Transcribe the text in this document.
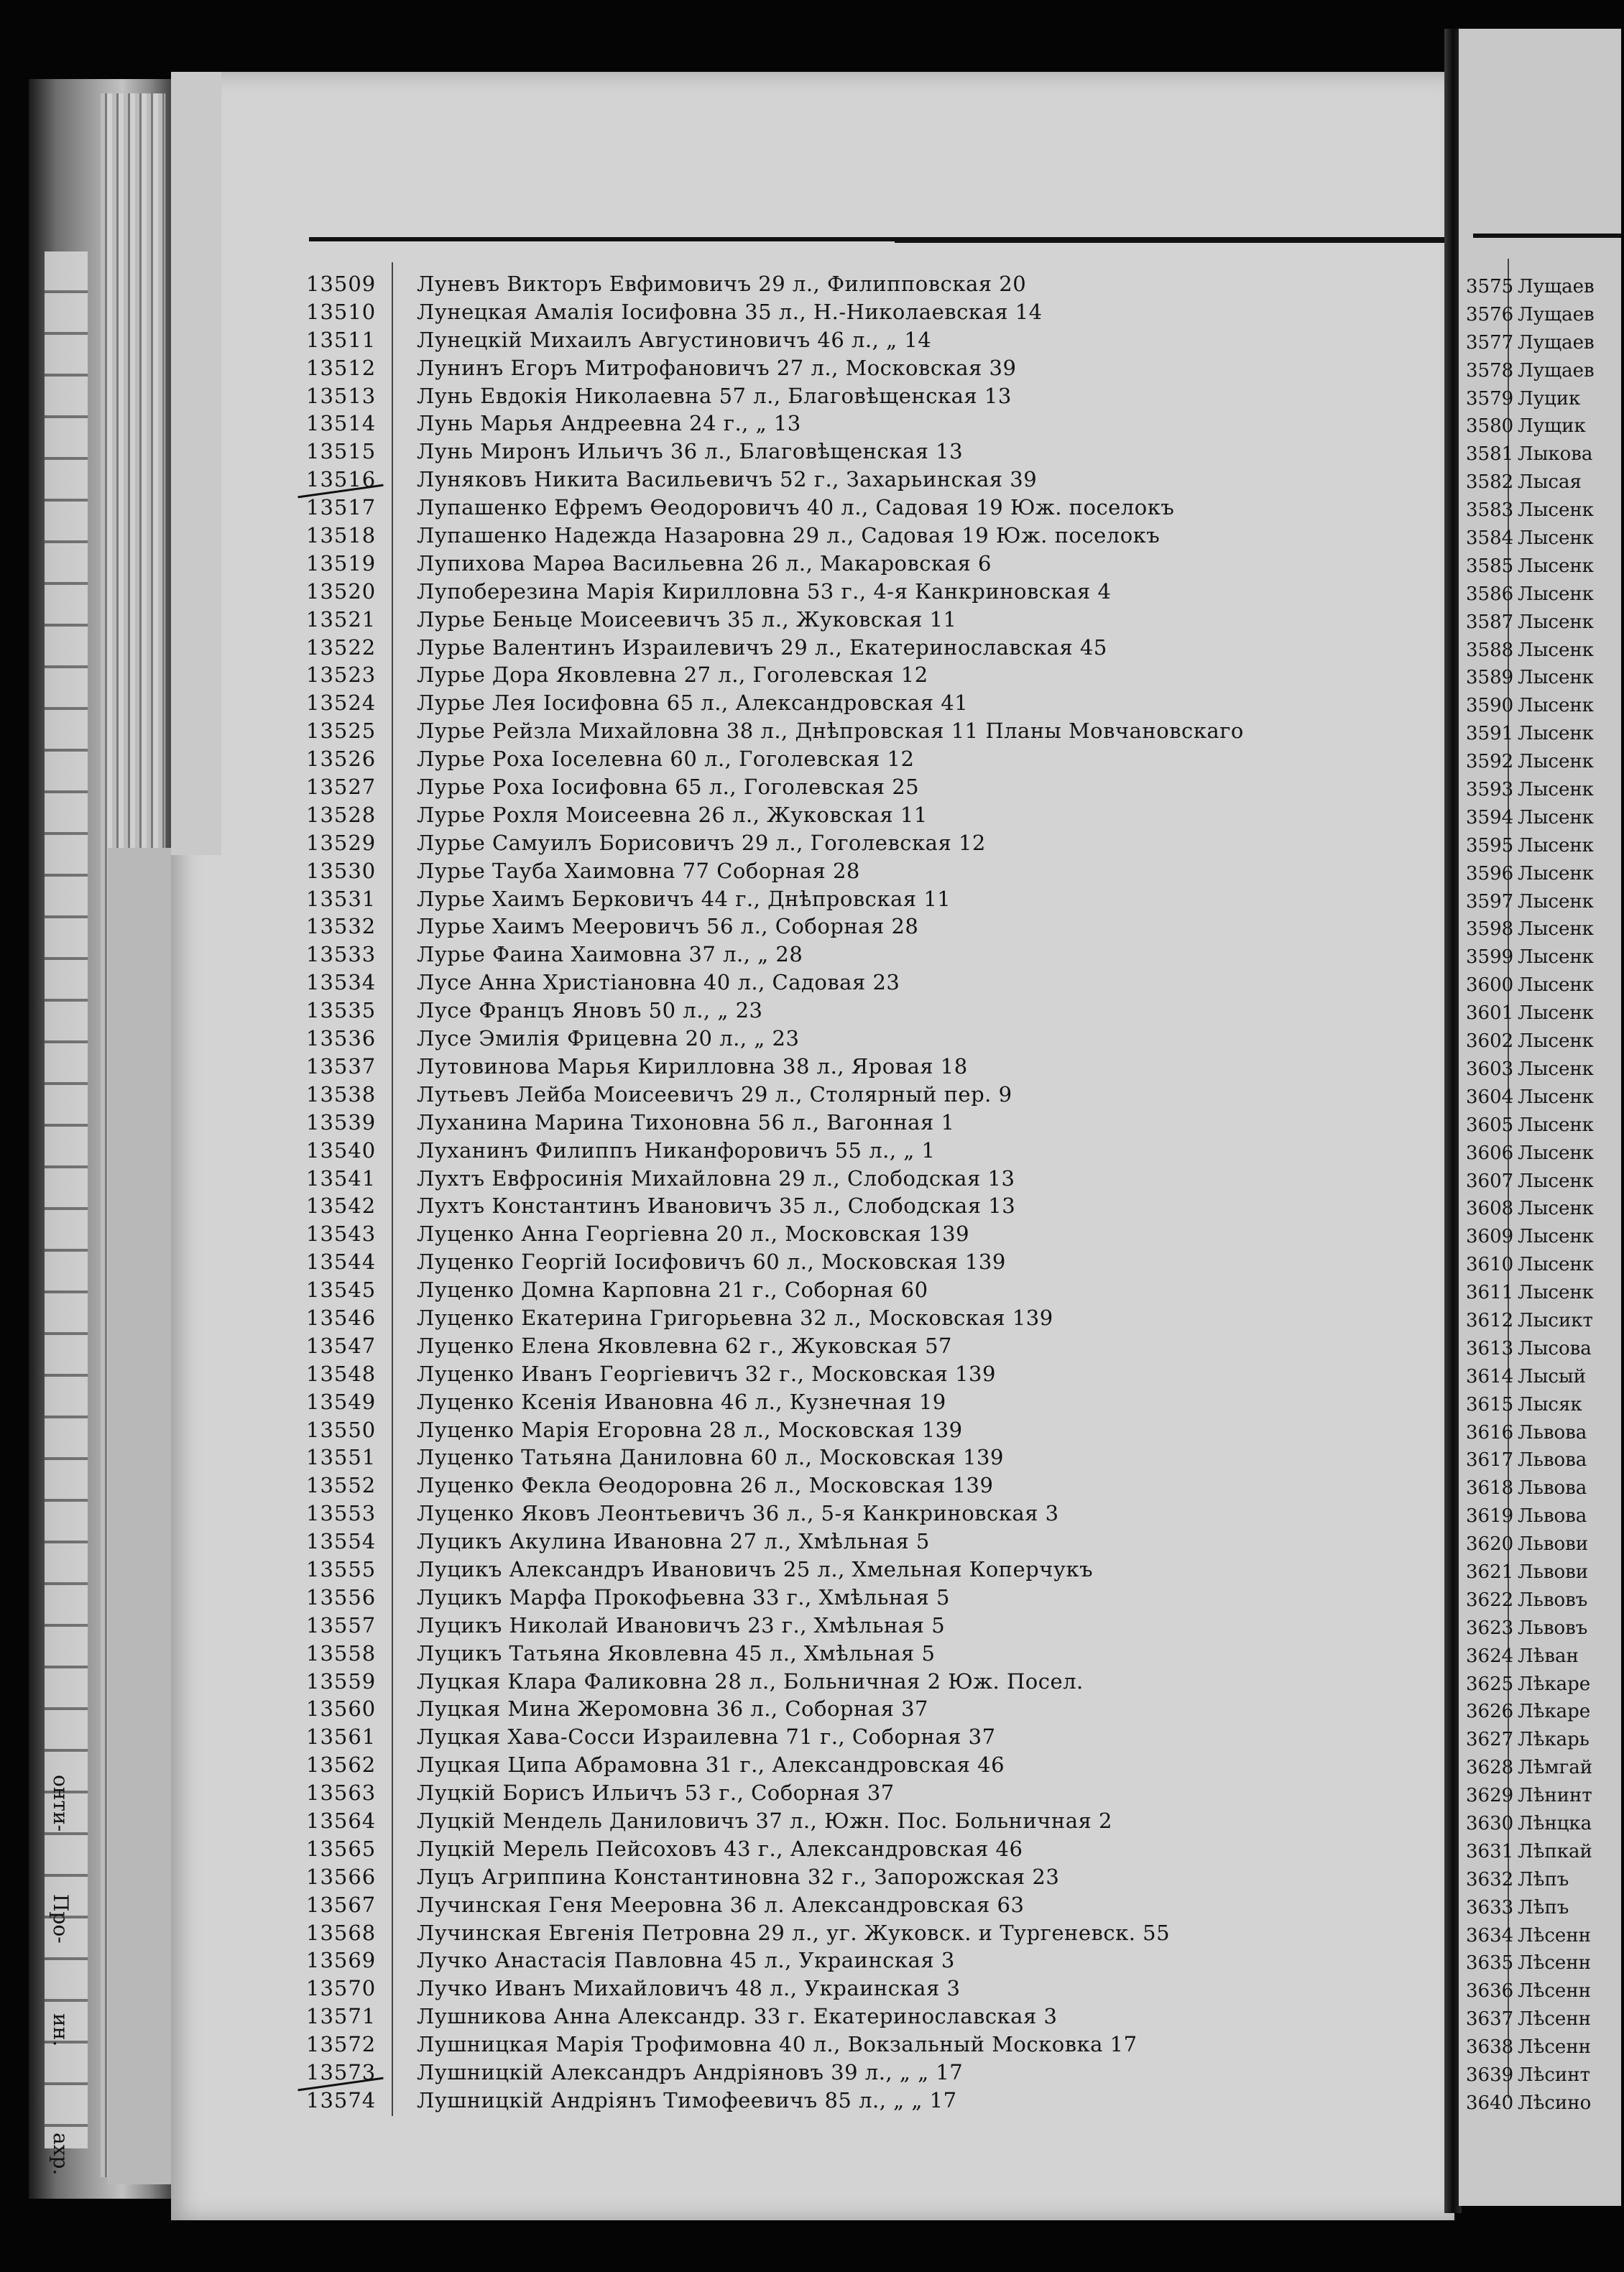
онти-
Про-
ин.
ахр.
13509	Луневъ Викторъ Евфимовичъ 29 л., Филипповская 20
13510	Лунецкая Амалія Іосифовна 35 л., Н.-Николаевская 14
13511	Лунецкій Михаилъ Августиновичъ 46 л., „ 14
13512	Лунинъ Егоръ Митрофановичъ 27 л., Московская 39
13513	Лунь Евдокія Николаевна 57 л., Благовѣщенская 13
13514	Лунь Марья Андреевна 24 г., „ 13
13515	Лунь Миронъ Ильичъ 36 л., Благовѣщенская 13
13516	Луняковъ Никита Васильевичъ 52 г., Захарьинская 39
13517	Лупашенко Ефремъ Ѳеодоровичъ 40 л., Садовая 19 Юж. поселокъ
13518	Лупашенко Надежда Назаровна 29 л., Садовая 19 Юж. поселокъ
13519	Лупихова Марѳа Васильевна 26 л., Макаровская 6
13520	Лупоберезина Марія Кирилловна 53 г., 4-я Канкриновская 4
13521	Лурье Беньце Моисеевичъ 35 л., Жуковская 11
13522	Лурье Валентинъ Израилевичъ 29 л., Екатеринославская 45
13523	Лурье Дора Яковлевна 27 л., Гоголевская 12
13524	Лурье Лея Іосифовна 65 л., Александровская 41
13525	Лурье Рейзла Михайловна 38 л., Днѣпровская 11 Планы Мовчановскаго
13526	Лурье Роха Іоселевна 60 л., Гоголевская 12
13527	Лурье Роха Іосифовна 65 л., Гоголевская 25
13528	Лурье Рохля Моисеевна 26 л., Жуковская 11
13529	Лурье Самуилъ Борисовичъ 29 л., Гоголевская 12
13530	Лурье Тауба Хаимовна 77 Соборная 28
13531	Лурье Хаимъ Берковичъ 44 г., Днѣпровская 11
13532	Лурье Хаимъ Мееровичъ 56 л., Соборная 28
13533	Лурье Фаина Хаимовна 37 л., „ 28
13534	Лусе Анна Христіановна 40 л., Садовая 23
13535	Лусе Францъ Яновъ 50 л., „ 23
13536	Лусе Эмилія Фрицевна 20 л., „ 23
13537	Лутовинова Марья Кирилловна 38 л., Яровая 18
13538	Лутьевъ Лейба Моисеевичъ 29 л., Столярный пер. 9
13539	Луханина Марина Тихоновна 56 л., Вагонная 1
13540	Луханинъ Филиппъ Никанфоровичъ 55 л., „ 1
13541	Лухтъ Евфросинія Михайловна 29 л., Слободская 13
13542	Лухтъ Константинъ Ивановичъ 35 л., Слободская 13
13543	Луценко Анна Георгіевна 20 л., Московская 139
13544	Луценко Георгій Іосифовичъ 60 л., Московская 139
13545	Луценко Домна Карповна 21 г., Соборная 60
13546	Луценко Екатерина Григорьевна 32 л., Московская 139
13547	Луценко Елена Яковлевна 62 г., Жуковская 57
13548	Луценко Иванъ Георгіевичъ 32 г., Московская 139
13549	Луценко Ксенія Ивановна 46 л., Кузнечная 19
13550	Луценко Марія Егоровна 28 л., Московская 139
13551	Луценко Татьяна Даниловна 60 л., Московская 139
13552	Луценко Фекла Ѳеодоровна 26 л., Московская 139
13553	Луценко Яковъ Леонтьевичъ 36 л., 5-я Канкриновская 3
13554	Луцикъ Акулина Ивановна 27 л., Хмѣльная 5
13555	Луцикъ Александръ Ивановичъ 25 л., Хмельная Коперчукъ
13556	Луцикъ Марфа Прокофьевна 33 г., Хмѣльная 5
13557	Луцикъ Николай Ивановичъ 23 г., Хмѣльная 5
13558	Луцикъ Татьяна Яковлевна 45 л., Хмѣльная 5
13559	Луцкая Клара Фаликовна 28 л., Больничная 2 Юж. Посел.
13560	Луцкая Мина Жеромовна 36 л., Соборная 37
13561	Луцкая Хава-Сосси Израилевна 71 г., Соборная 37
13562	Луцкая Ципа Абрамовна 31 г., Александровская 46
13563	Луцкій Борисъ Ильичъ 53 г., Соборная 37
13564	Луцкій Мендель Даниловичъ 37 л., Южн. Пос. Больничная 2
13565	Луцкій Мерель Пейсоховъ 43 г., Александровская 46
13566	Луцъ Агриппина Константиновна 32 г., Запорожская 23
13567	Лучинская Геня Мееровна 36 л. Александровская 63
13568	Лучинская Евгенія Петровна 29 л., уг. Жуковск. и Тургеневск. 55
13569	Лучко Анастасія Павловна 45 л., Украинская 3
13570	Лучко Иванъ Михайловичъ 48 л., Украинская 3
13571	Лушникова Анна Александр. 33 г. Екатеринославская 3
13572	Лушницкая Марія Трофимовна 40 л., Вокзальный Московка 17
13573	Лушницкій Александръ Андріяновъ 39 л., „ „ 17
13574	Лушницкій Андріянъ Тимофеевичъ 85 л., „ „ 17
3575 Лущаев
3576 Лущаев
3577 Лущаев
3578 Лущаев
3579 Луцик
3580 Лущик
3581 Лыкова
3582 Лысая
3583 Лысенк
3584 Лысенк
3585 Лысенк
3586 Лысенк
3587 Лысенк
3588 Лысенк
3589 Лысенк
3590 Лысенк
3591 Лысенк
3592 Лысенк
3593 Лысенк
3594 Лысенк
3595 Лысенк
3596 Лысенк
3597 Лысенк
3598 Лысенк
3599 Лысенк
3600 Лысенк
3601 Лысенк
3602 Лысенк
3603 Лысенк
3604 Лысенк
3605 Лысенк
3606 Лысенк
3607 Лысенк
3608 Лысенк
3609 Лысенк
3610 Лысенк
3611 Лысенк
3612 Лысикт
3613 Лысова
3614 Лысый
3615 Лысяк
3616 Львова
3617 Львова
3618 Львова
3619 Львова
3620 Львови
3621 Львови
3622 Львовъ
3623 Львовъ
3624 Лѣван
3625 Лѣкаре
3626 Лѣкаре
3627 Лѣкарь
3628 Лѣмгай
3629 Лѣнинт
3630 Лѣнцка
3631 Лѣпкай
3632 Лѣпъ
3633 Лѣпъ
3634 Лѣсенн
3635 Лѣсенн
3636 Лѣсенн
3637 Лѣсенн
3638 Лѣсенн
3639 Лѣсинт
3640 Лѣсино
